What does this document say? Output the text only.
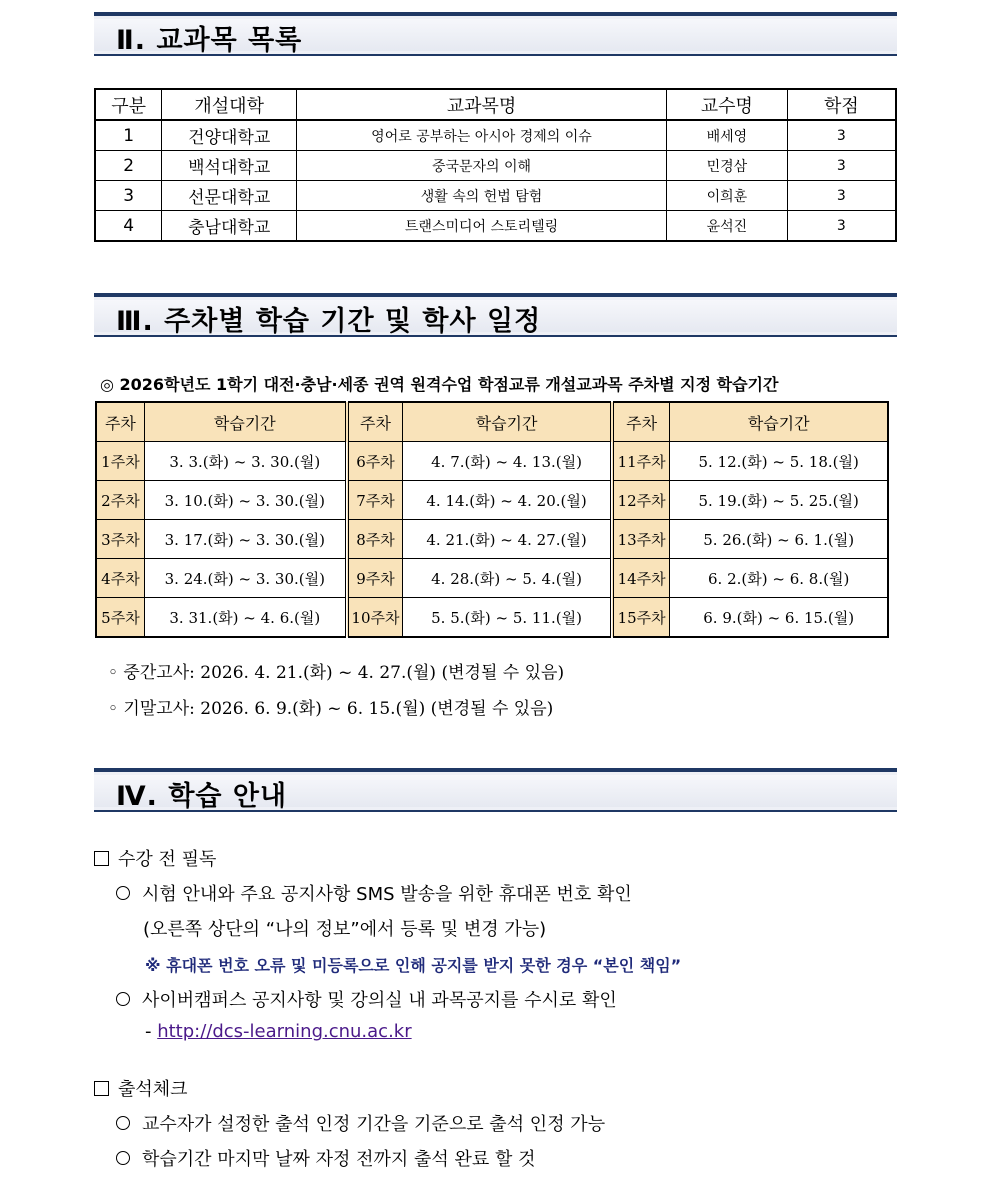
Ⅱ. 교과목 목록
구분	개설대학	교과목명	교수명	학점
1	건양대학교	영어로 공부하는 아시아 경제의 이슈	배세영	3
2	백석대학교	중국문자의 이해	민경삼	3
3	선문대학교	생활 속의 헌법 탐험	이희훈	3
4	충남대학교	트랜스미디어 스토리텔링	윤석진	3
Ⅲ. 주차별 학습 기간 및 학사 일정
◎ 2026학년도 1학기 대전·충남·세종 권역 원격수업 학점교류 개설교과목 주차별 지정 학습기간
주차	학습기간	주차	학습기간	주차	학습기간
1주차	3. 3.(화) ~ 3. 30.(월)	6주차	4. 7.(화) ~ 4. 13.(월)	11주차	5. 12.(화) ~ 5. 18.(월)
2주차	3. 10.(화) ~ 3. 30.(월)	7주차	4. 14.(화) ~ 4. 20.(월)	12주차	5. 19.(화) ~ 5. 25.(월)
3주차	3. 17.(화) ~ 3. 30.(월)	8주차	4. 21.(화) ~ 4. 27.(월)	13주차	5. 26.(화) ~ 6. 1.(월)
4주차	3. 24.(화) ~ 3. 30.(월)	9주차	4. 28.(화) ~ 5. 4.(월)	14주차	6. 2.(화) ~ 6. 8.(월)
5주차	3. 31.(화) ~ 4. 6.(월)	10주차	5. 5.(화) ~ 5. 11.(월)	15주차	6. 9.(화) ~ 6. 15.(월)
◦ 중간고사: 2026. 4. 21.(화) ~ 4. 27.(월) (변경될 수 있음)
◦ 기말고사: 2026. 6. 9.(화) ~ 6. 15.(월) (변경될 수 있음)
Ⅳ. 학습 안내
수강 전 필독
시험 안내와 주요 공지사항 SMS 발송을 위한 휴대폰 번호 확인
(오른쪽 상단의 “나의 정보”에서 등록 및 변경 가능)
※ 휴대폰 번호 오류 및 미등록으로 인해 공지를 받지 못한 경우 “본인 책임”
사이버캠퍼스 공지사항 및 강의실 내 과목공지를 수시로 확인
- http://dcs-learning.cnu.ac.kr
출석체크
교수자가 설정한 출석 인정 기간을 기준으로 출석 인정 가능
학습기간 마지막 날짜 자정 전까지 출석 완료 할 것
